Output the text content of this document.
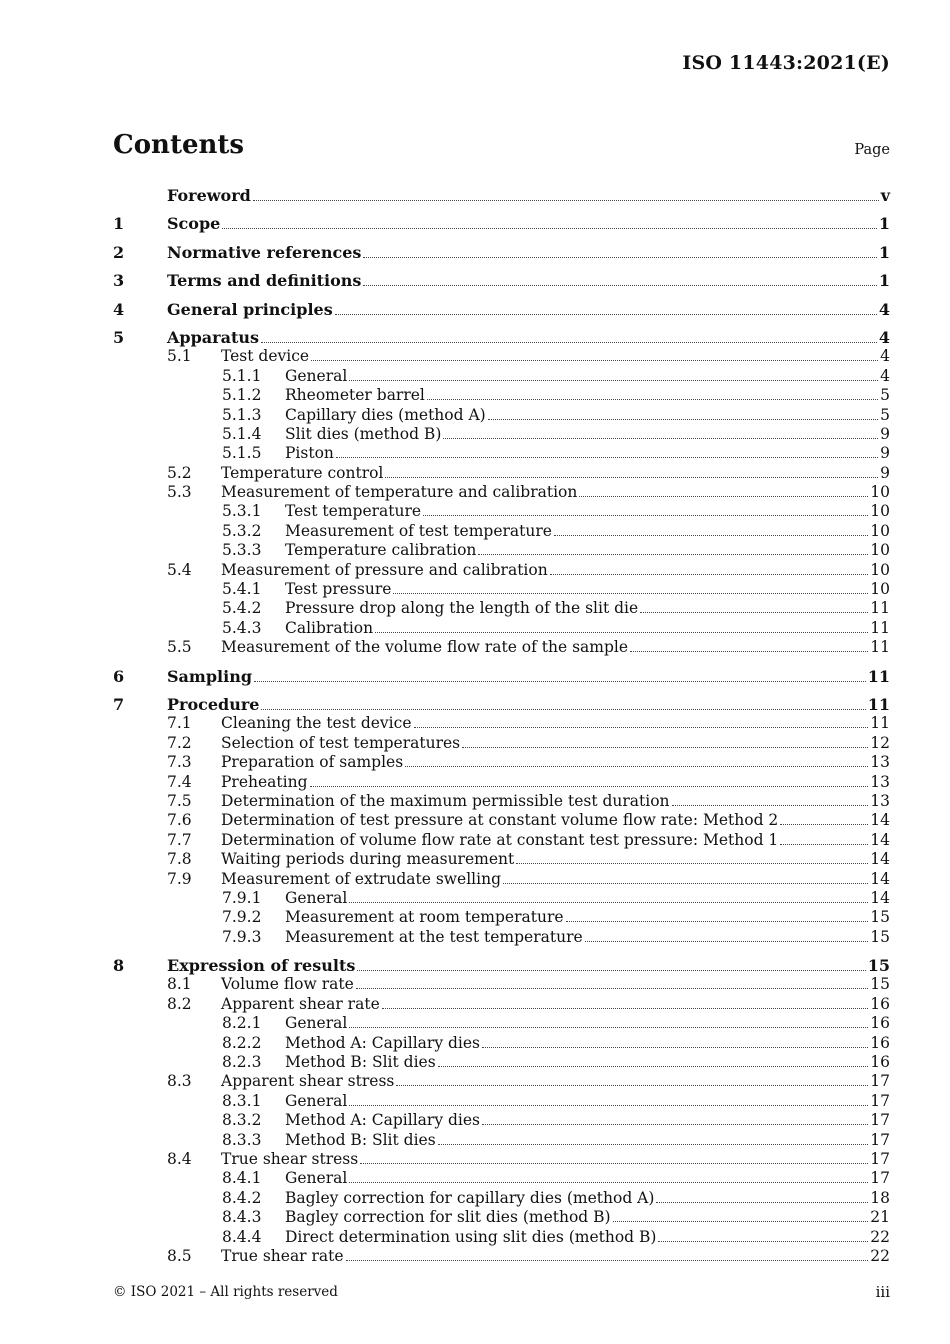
ISO 11443:2021(E)
Contents	Page
Foreword	v
1	Scope	1
2	Normative references	1
3	Terms and definitions	1
4	General principles	4
5	Apparatus	4
5.1	Test device	4
5.1.1	General	4
5.1.2	Rheometer barrel	5
5.1.3	Capillary dies (method A)	5
5.1.4	Slit dies (method B)	9
5.1.5	Piston	9
5.2	Temperature control	9
5.3	Measurement of temperature and calibration	10
5.3.1	Test temperature	10
5.3.2	Measurement of test temperature	10
5.3.3	Temperature calibration	10
5.4	Measurement of pressure and calibration	10
5.4.1	Test pressure	10
5.4.2	Pressure drop along the length of the slit die	11
5.4.3	Calibration	11
5.5	Measurement of the volume flow rate of the sample	11
6	Sampling	11
7	Procedure	11
7.1	Cleaning the test device	11
7.2	Selection of test temperatures	12
7.3	Preparation of samples	13
7.4	Preheating	13
7.5	Determination of the maximum permissible test duration	13
7.6	Determination of test pressure at constant volume flow rate: Method 2	14
7.7	Determination of volume flow rate at constant test pressure: Method 1	14
7.8	Waiting periods during measurement	14
7.9	Measurement of extrudate swelling	14
7.9.1	General	14
7.9.2	Measurement at room temperature	15
7.9.3	Measurement at the test temperature	15
8	Expression of results	15
8.1	Volume flow rate	15
8.2	Apparent shear rate	16
8.2.1	General	16
8.2.2	Method A: Capillary dies	16
8.2.3	Method B: Slit dies	16
8.3	Apparent shear stress	17
8.3.1	General	17
8.3.2	Method A: Capillary dies	17
8.3.3	Method B: Slit dies	17
8.4	True shear stress	17
8.4.1	General	17
8.4.2	Bagley correction for capillary dies (method A)	18
8.4.3	Bagley correction for slit dies (method B)	21
8.4.4	Direct determination using slit dies (method B)	22
8.5	True shear rate	22
© ISO 2021 – All rights reserved	iii
